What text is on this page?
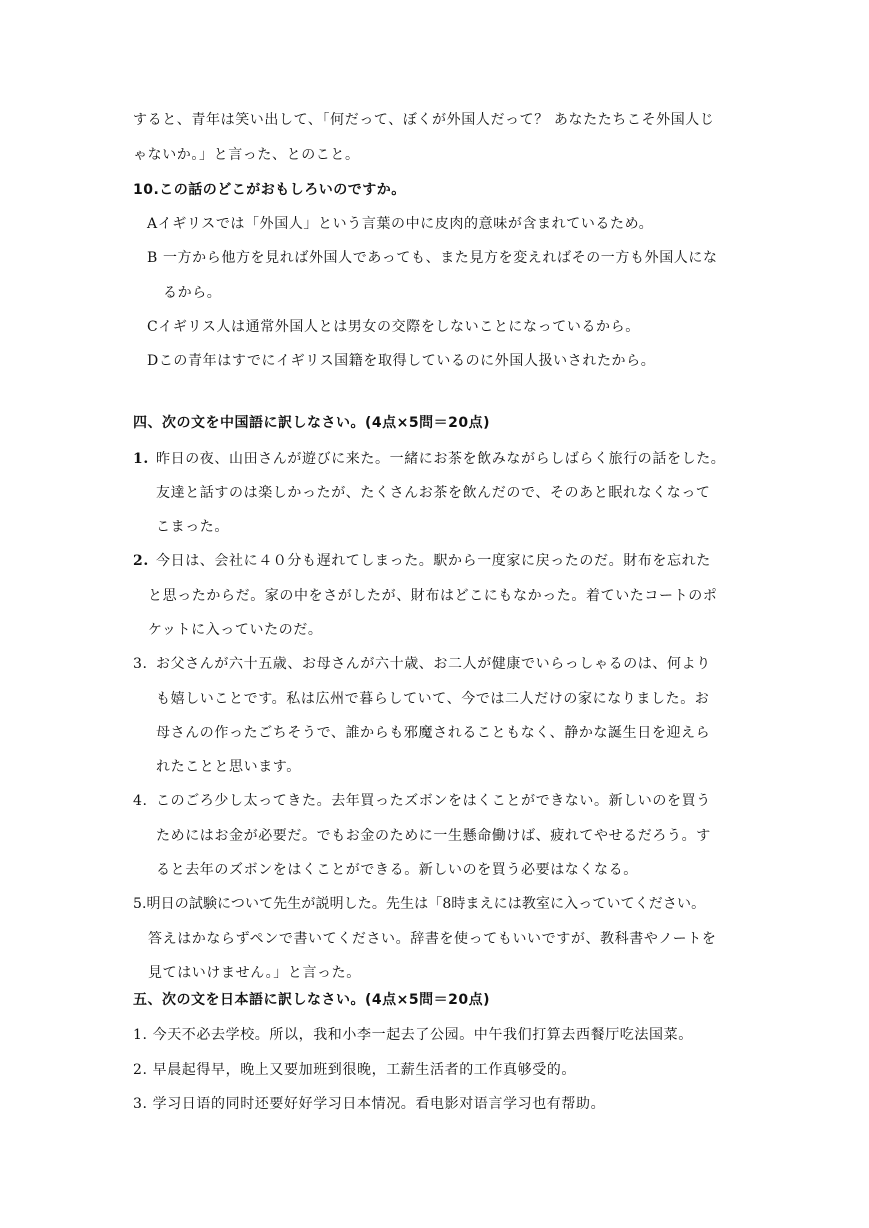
すると、青年は笑い出して、「何だって、ぼくが外国人だって？ あなたたちこそ外国人じ
ゃないか。」と言った、とのこと。
10.この話のどこがおもしろいのですか。
Aイギリスでは「外国人」という言葉の中に皮肉的意味が含まれているため。
B 一方から他方を見れば外国人であっても、また見方を変えればその一方も外国人にな
るから。
Cイギリス人は通常外国人とは男女の交際をしないことになっているから。
Dこの青年はすでにイギリス国籍を取得しているのに外国人扱いされたから。
四、次の文を中国語に訳しなさい。(4点×5問＝20点)
1. 昨日の夜、山田さんが遊びに来た。一緒にお茶を飲みながらしばらく旅行の話をした。
友達と話すのは楽しかったが、たくさんお茶を飲んだので、そのあと眠れなくなって
こまった。
2. 今日は、会社に４０分も遅れてしまった。駅から一度家に戻ったのだ。財布を忘れた
と思ったからだ。家の中をさがしたが、財布はどこにもなかった。着ていたコートのポ
ケットに入っていたのだ。
3. お父さんが六十五歳、お母さんが六十歳、お二人が健康でいらっしゃるのは、何より
も嬉しいことです。私は広州で暮らしていて、今では二人だけの家になりました。お
母さんの作ったごちそうで、誰からも邪魔されることもなく、静かな誕生日を迎えら
れたことと思います。
4. このごろ少し太ってきた。去年買ったズボンをはくことができない。新しいのを買う
ためにはお金が必要だ。でもお金のために一生懸命働けば、疲れてやせるだろう。す
ると去年のズボンをはくことができる。新しいのを買う必要はなくなる。
5.明日の試験について先生が説明した。先生は「8時まえには教室に入っていてください。
答えはかならずペンで書いてください。辞書を使ってもいいですが、教科書やノートを
見てはいけません。」と言った。
五、次の文を日本語に訳しなさい。(4点×5問＝20点)
1. 今天不必去学校。所以，我和小李一起去了公园。中午我们打算去西餐厅吃法国菜。
2. 早晨起得早，晚上又要加班到很晚，工薪生活者的工作真够受的。
3. 学习日语的同时还要好好学习日本情况。看电影对语言学习也有帮助。
